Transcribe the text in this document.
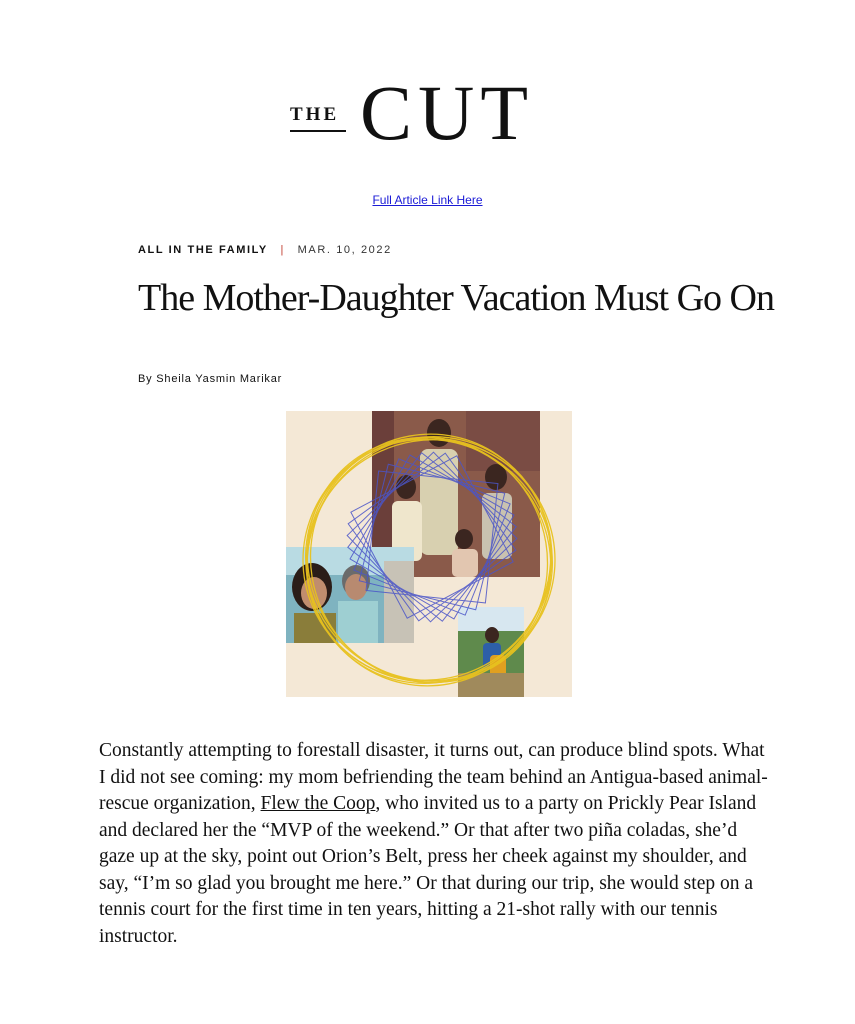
THE CUT
Full Article Link Here
ALL IN THE FAMILY | MAR. 10, 2022
The Mother-Daughter Vacation Must Go On
By Sheila Yasmin Marikar

Constantly attempting to forestall disaster, it turns out, can produce blind spots. What I did not see coming: my mom befriending the team behind an Antigua-based animal-rescue organization, Flew the Coop, who invited us to a party on Prickly Pear Island and declared her the “MVP of the weekend.” Or that after two piña coladas, she’d gaze up at the sky, point out Orion’s Belt, press her cheek against my shoulder, and say, “I’m so glad you brought me here.” Or that during our trip, she would step on a tennis court for the first time in ten years, hitting a 21-shot rally with our tennis instructor.
